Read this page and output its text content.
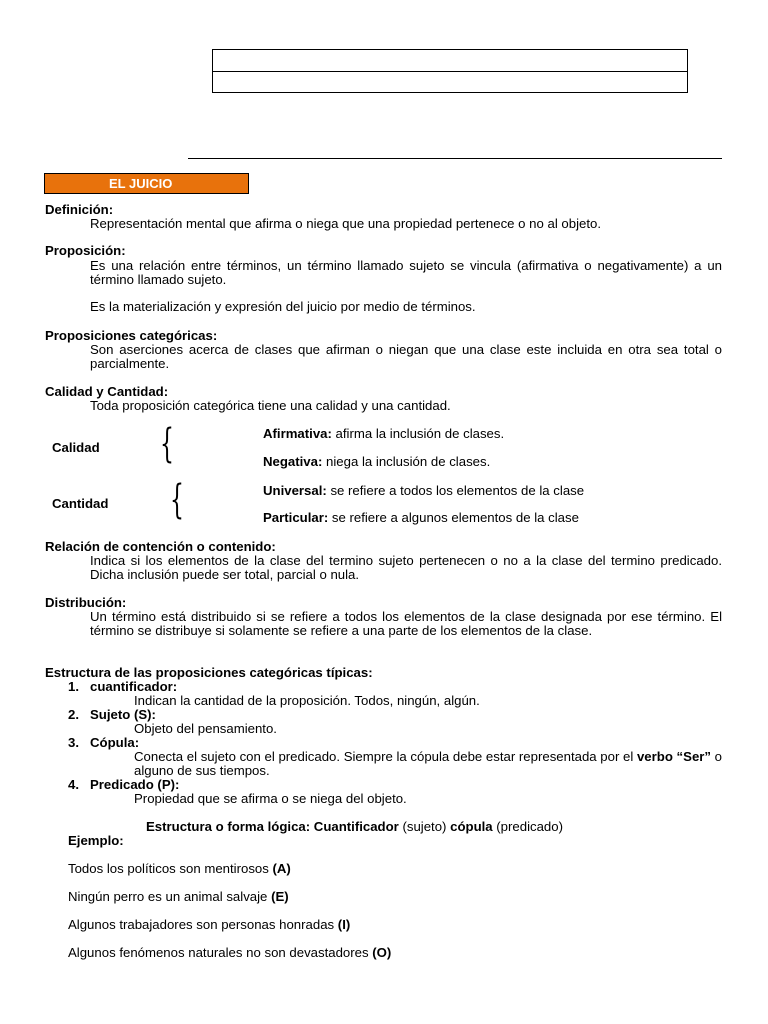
EL JUICIO
Definición:
Representación mental que afirma o niega que una propiedad pertenece o no al objeto.
Proposición:
Es una relación entre términos, un término llamado sujeto se vincula (afirmativa o negativamente) a un término llamado sujeto.
Es la materialización y expresión del juicio por medio de términos.
Proposiciones categóricas:
Son aserciones acerca de clases que afirman o niegan que una clase este incluida en otra sea total o parcialmente.
Calidad y Cantidad:
Toda proposición categórica tiene una calidad y una cantidad.
Calidad {	Afirmativa: afirma la inclusión de clases.
Negativa: niega la inclusión de clases.
Cantidad {	Universal: se refiere a todos los elementos de la clase
Particular: se refiere a algunos elementos de la clase
Relación de contención o contenido:
Indica si los elementos de la clase del termino sujeto pertenecen o no a la clase del termino predicado. Dicha inclusión puede ser total, parcial o nula.
Distribución:
Un término está distribuido si se refiere a todos los elementos de la clase designada por ese término. El término se distribuye si solamente se refiere a una parte de los elementos de la clase.
Estructura de las proposiciones categóricas típicas:
1. cuantificador:
Indican la cantidad de la proposición. Todos, ningún, algún.
2. Sujeto (S):
Objeto del pensamiento.
3. Cópula:
Conecta el sujeto con el predicado. Siempre la cópula debe estar representada por el verbo “Ser” o alguno de sus tiempos.
4. Predicado (P):
Propiedad que se afirma o se niega del objeto.
Estructura o forma lógica: Cuantificador (sujeto) cópula (predicado)
Ejemplo:
Todos los políticos son mentirosos (A)
Ningún perro es un animal salvaje (E)
Algunos trabajadores son personas honradas (I)
Algunos fenómenos naturales no son devastadores (O)
